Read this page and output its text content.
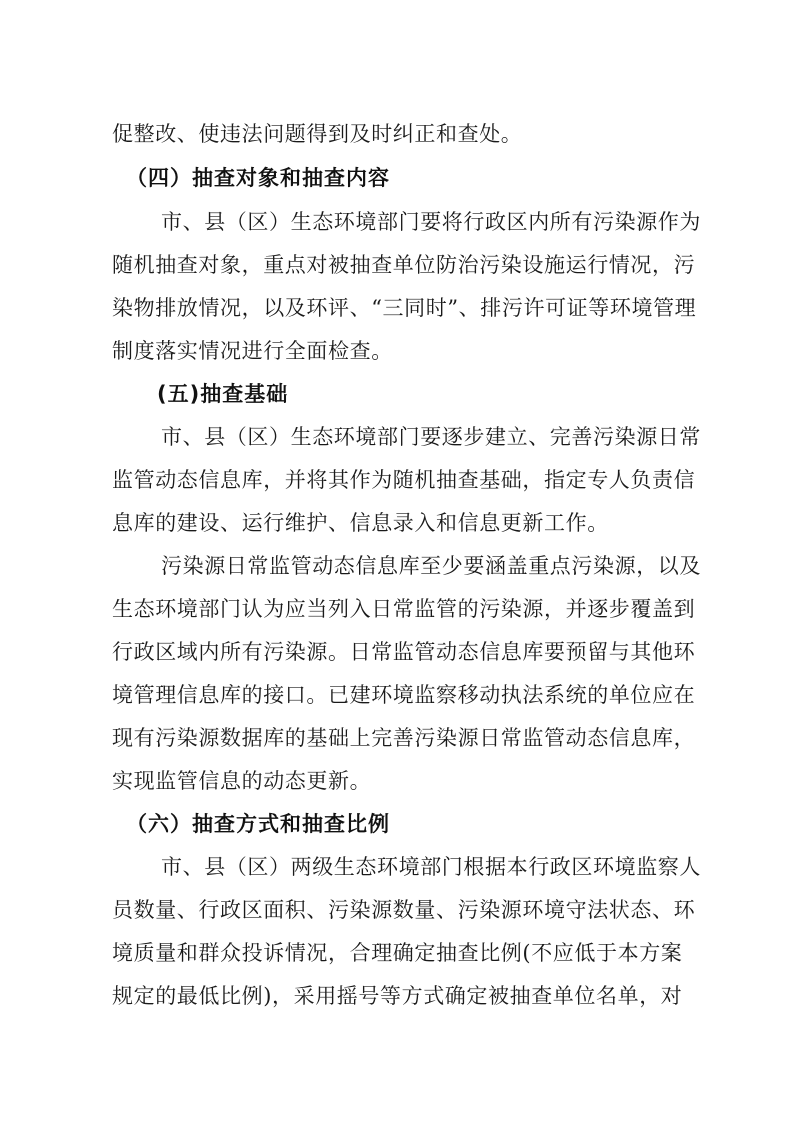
促整改、使违法问题得到及时纠正和查处。
（四）抽查对象和抽查内容
市、县（区）生态环境部门要将行政区内所有污染源作为
随机抽查对象，重点对被抽查单位防治污染设施运行情况，污
染物排放情况，以及环评、“三同时”、排污许可证等环境管理
制度落实情况进行全面检查。
(五)抽查基础
市、县（区）生态环境部门要逐步建立、完善污染源日常
监管动态信息库，并将其作为随机抽查基础，指定专人负责信
息库的建设、运行维护、信息录入和信息更新工作。
污染源日常监管动态信息库至少要涵盖重点污染源，以及
生态环境部门认为应当列入日常监管的污染源，并逐步覆盖到
行政区域内所有污染源。日常监管动态信息库要预留与其他环
境管理信息库的接口。已建环境监察移动执法系统的单位应在
现有污染源数据库的基础上完善污染源日常监管动态信息库，
实现监管信息的动态更新。
（六）抽查方式和抽查比例
市、县（区）两级生态环境部门根据本行政区环境监察人
员数量、行政区面积、污染源数量、污染源环境守法状态、环
境质量和群众投诉情况，合理确定抽查比例(不应低于本方案
规定的最低比例)，采用摇号等方式确定被抽查单位名单，对
